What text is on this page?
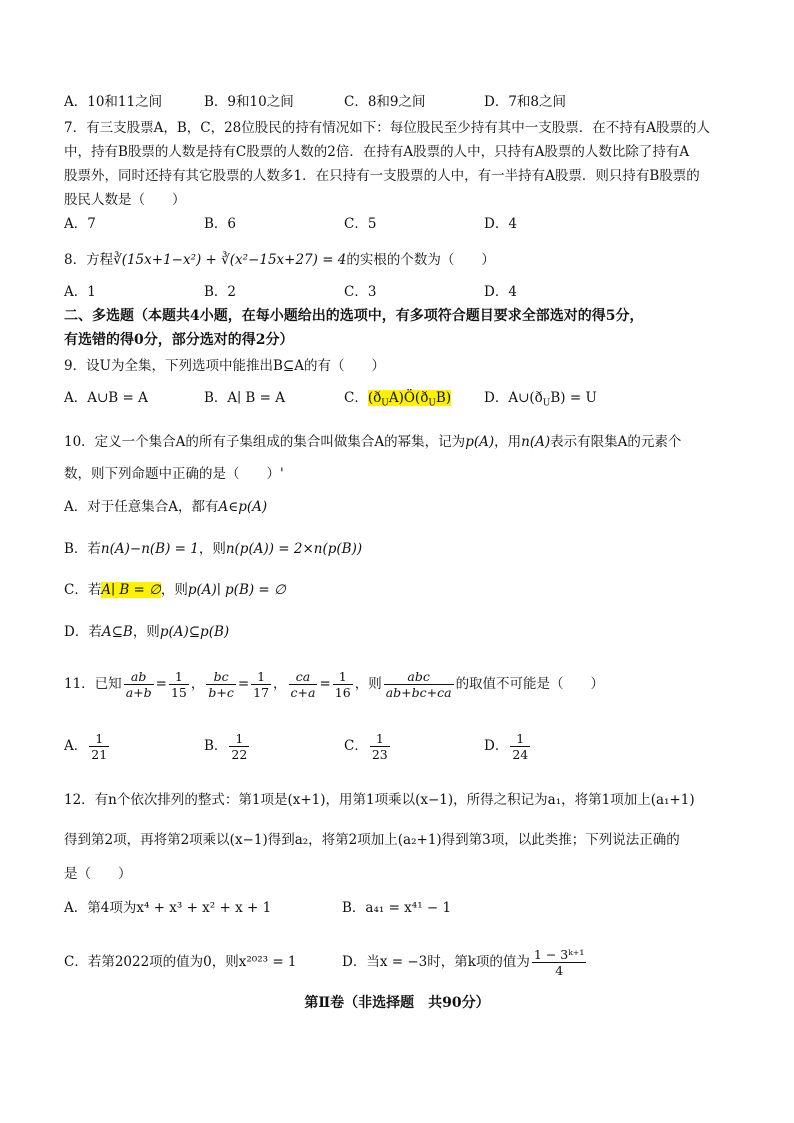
A．10和11之间	B．9和10之间	C．8和9之间	D．7和8之间
7．有三支股票A，B，C，28位股民的持有情况如下：每位股民至少持有其中一支股票．在不持有A股票的人
中，持有B股票的人数是持有C股票的人数的2倍．在持有A股票的人中，只持有A股票的人数比除了持有A
股票外，同时还持有其它股票的人数多1．在只持有一支股票的人中，有一半持有A股票．则只持有B股票的
股民人数是（　　）
A．7	B．6	C．5	D．4
8．方程∛(15x+1−x²) + ∛(x²−15x+27) = 4的实根的个数为（　　）
A．1	B．2	C．3	D．4
二、多选题（本题共4小题，在每小题给出的选项中，有多项符合题目要求全部选对的得5分，
有选错的得0分，部分选对的得2分）
9．设U为全集，下列选项中能推出B⊆A的有（　　）
A．A∪B = A	B．A∣ B = A	C．$(ð_UA)Ö(ð_UB)$ D．$A\cup(ð_UB) = U$
10．定义一个集合A的所有子集组成的集合叫做集合A的幂集，记为p(A)，用n(A)表示有限集A的元素个
数，则下列命题中正确的是（　　）'
A．对于任意集合A，都有A∈p(A)
B．若n(A)−n(B) = 1，则n(p(A)) = 2×n(p(B))
C．若A∣ B = ∅，则p(A)∣ p(B) = ∅
D．若A⊆B，则p(A)⊆p(B)
11．已知 $\frac{ab}{a+b} = \frac{1}{15}$ ， $\frac{bc}{b+c} = \frac{1}{17}$ ， $\frac{ca}{c+a} = \frac{1}{16}$ ，则 $\frac{\text{abc}}{ab+bc+ca}$ 的取值不可能是（　　）
A． $\frac{1}{21}$	B． $\frac{1}{22}$	C． $\frac{1}{23}$	D． $\frac{1}{24}$
12．有n个依次排列的整式：第1项是(x+1)，用第1项乘以(x−1)，所得之积记为a₁，将第1项加上(a₁+1)
得到第2项，再将第2项乘以(x−1)得到a₂，将第2项加上(a₂+1)得到第3项，以此类推；下列说法正确的
是（　　）
A．第4项为x⁴ + x³ + x² + x + 1	B．a₄₁ = x⁴¹ − 1
C．若第2022项的值为0，则x²⁰²³ = 1	D．当x = −3时，第k项的值为 $\frac{\text{1 − 3ᵏ⁺¹}}{4}$
第Ⅱ卷（非选择题　共90分）
